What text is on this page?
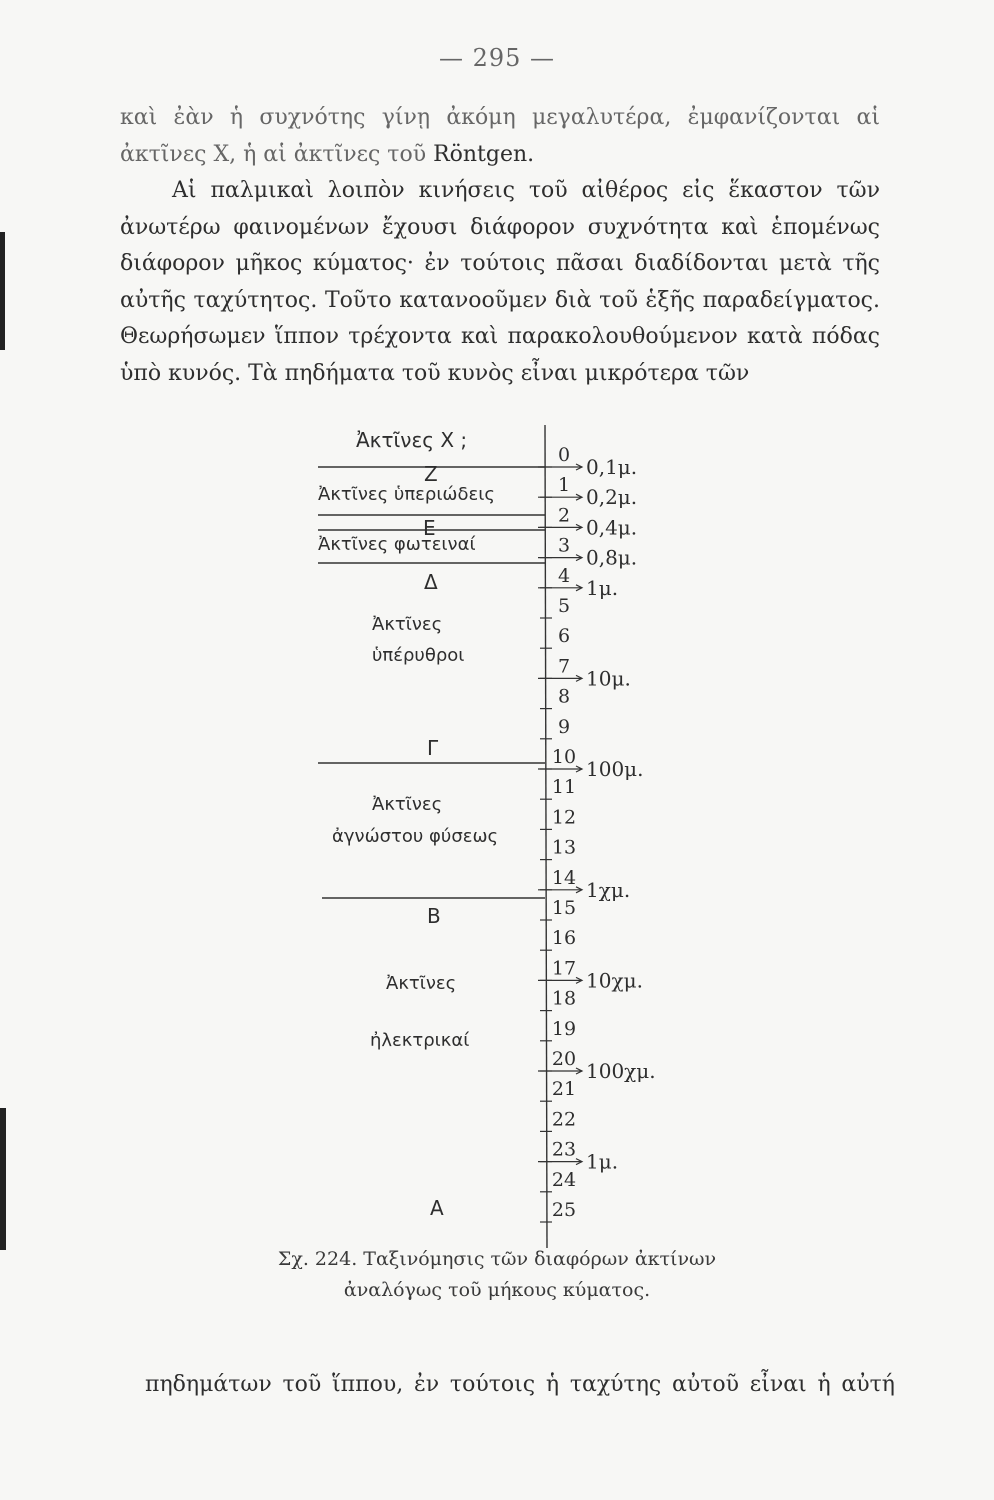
— 295 —

καὶ ἐὰν ἡ συχνότης γίνῃ ἀκόμη μεγαλυτέρα, ἐμφανίζονται αἱ ἀκτῖνες X, ἡ αἱ ἀκτῖνες τοῦ Röntgen.

Αἱ παλμικαὶ λοιπὸν κινήσεις τοῦ αἰθέρος εἰς ἕκαστον τῶν ἀνωτέρω φαινομένων ἔχουσι διάφορον συχνότητα καὶ ἑπομένως διάφορον μῆκος κύματος· ἐν τούτοις πᾶσαι διαδίδονται μετὰ τῆς αὐτῆς ταχύτητος. Τοῦτο κατανοοῦμεν διὰ τοῦ ἑξῆς παραδείγματος. Θεωρήσωμεν ἵππον τρέχοντα καὶ παρακολουθούμενον κατὰ πόδας ὑπὸ κυνός. Τὰ πηδήματα τοῦ κυνὸς εἶναι μικρότερα τῶν

0
1
2
3
4
5
6
7
8
9
10
11
12
13
14
15
16
17
18
19
20
21
22
23
24
25
0,1μ.
0,2μ.
0,4μ.
0,8μ.
1μ.
10μ.
100μ.
1χμ.
10χμ.
100χμ.
1μ.
Ἀκτῖνες X ;
Ζ
Ἀκτῖνες ὑπεριώδεις
Ε
Ἀκτῖνες φωτειναί
Δ
Ἀκτῖνες
ὑπέρυθροι
Γ
Ἀκτῖνες
ἀγνώστου φύσεως
Β
Ἀκτῖνες
ἠλεκτρικαί
Α

Σχ. 224. Ταξινόμησις τῶν διαφόρων ἀκτίνων

ἀναλόγως τοῦ μήκους κύματος.

πηδημάτων τοῦ ἵππου, ἐν τούτοις ἡ ταχύτης αὐτοῦ εἶναι ἡ αὐτή
